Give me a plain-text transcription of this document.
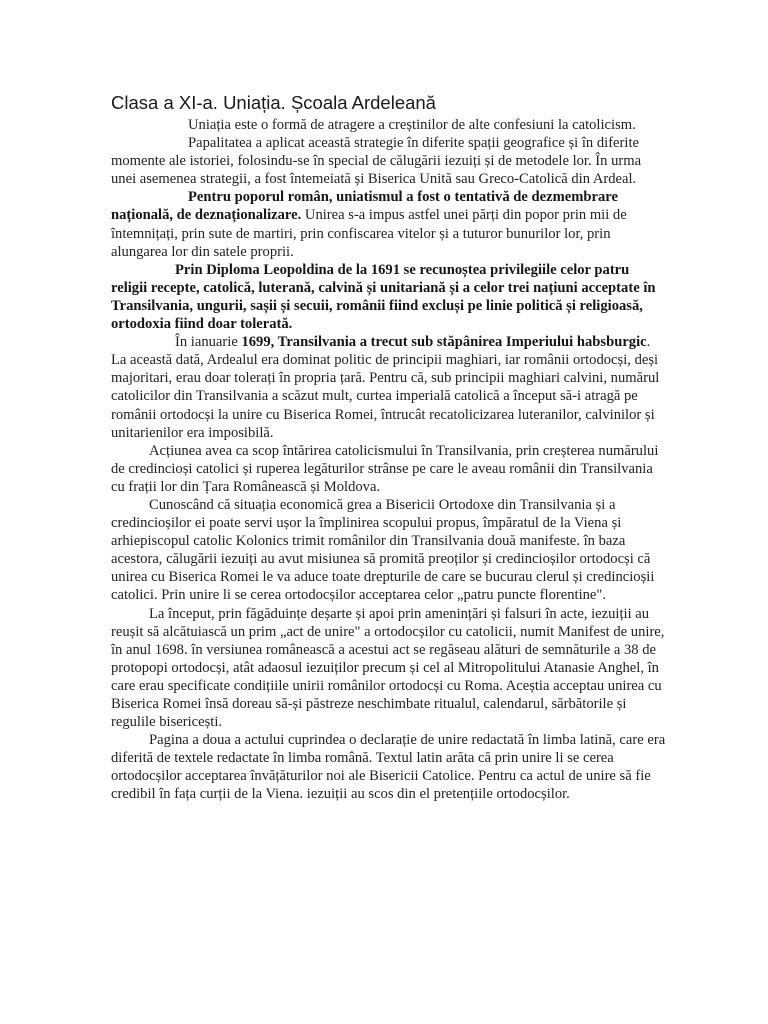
Clasa a XI-a. Uniația. Școala Ardeleană

Uniația este o formă de atragere a creștinilor de alte confesiuni la catolicism.

Papalitatea a aplicat această strategie în diferite spații geografice și în diferite momente ale istoriei, folosindu-se în special de călugării iezuiți și de metodele lor. În urma unei asemenea strategii, a fost întemeiată și Biserica Unită sau Greco-Catolică din Ardeal.

Pentru poporul român, uniatismul a fost o tentativă de dezmembrare națională, de deznaționalizare. Unirea s-a impus astfel unei părți din popor prin mii de întemnițați, prin sute de martiri, prin confiscarea vitelor și a tuturor bunurilor lor, prin alungarea lor din satele proprii.

Prin Diploma Leopoldina de la 1691 se recunoștea privilegiile celor patru religii recepte, catolică, luterană, calvină și unitariană și a celor trei națiuni acceptate în Transilvania, ungurii, sașii și secuii, românii fiind excluși pe linie politică și religioasă, ortodoxia fiind doar tolerată.

În ianuarie 1699, Transilvania a trecut sub stăpânirea Imperiului habsburgic. La această dată, Ardealul era dominat politic de principii maghiari, iar românii ortodocși, deși majoritari, erau doar tolerați în propria țară. Pentru că, sub principii maghiari calvini, numărul catolicilor din Transilvania a scăzut mult, curtea imperială catolică a început să-i atragă pe românii ortodocși la unire cu Biserica Romei, întrucât recatolicizarea luteranilor, calvinilor și unitarienilor era imposibilă.

Acțiunea avea ca scop întărirea catolicismului în Transilvania, prin creșterea numărului de credincioși catolici și ruperea legăturilor strânse pe care le aveau românii din Transilvania cu frații lor din Țara Românească și Moldova.

Cunoscând că situația economică grea a Bisericii Ortodoxe din Transilvania și a credincioșilor ei poate servi ușor la împlinirea scopului propus, împăratul de la Viena și arhiepiscopul catolic Kolonics trimit românilor din Transilvania două manifeste. în baza acestora, călugării iezuiți au avut misiunea să promită preoților și credincioșilor ortodocși că unirea cu Biserica Romei le va aduce toate drepturile de care se bucurau clerul și credincioșii catolici. Prin unire li se cerea ortodocșilor acceptarea celor „patru puncte florentine".

La început, prin făgăduințe deșarte și apoi prin amenințări și falsuri în acte, iezuiții au reușit să alcătuiască un prim „act de unire" a ortodocșilor cu catolicii, numit Manifest de unire, în anul 1698. în versiunea românească a acestui act se regăseau alături de semnăturile a 38 de protopopi ortodocși, atât adaosul iezuiților precum și cel al Mitropolitului Atanasie Anghel, în care erau specificate condițiile unirii românilor ortodocși cu Roma. Aceștia acceptau unirea cu Biserica Romei însă doreau să-și păstreze neschimbate ritualul, calendarul, sărbătorile și regulile bisericești.

Pagina a doua a actului cuprindea o declarație de unire redactată în limba latină, care era diferită de textele redactate în limba română. Textul latin arăta că prin unire li se cerea ortodocșilor acceptarea învățăturilor noi ale Bisericii Catolice. Pentru ca actul de unire să fie credibil în fața curții de la Viena. iezuiții au scos din el pretențiile ortodocșilor.
